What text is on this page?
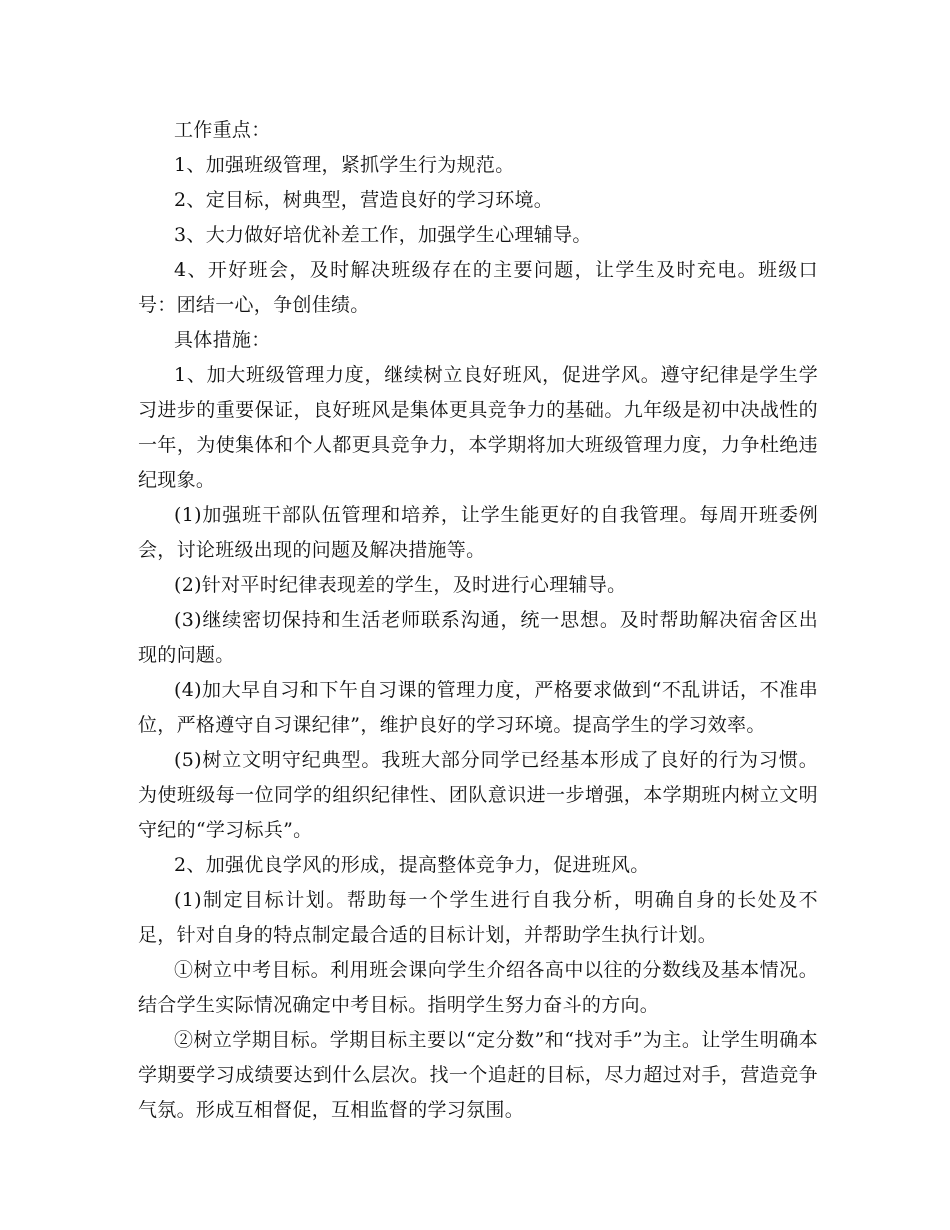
工作重点：

1、加强班级管理，紧抓学生行为规范。

2、定目标，树典型，营造良好的学习环境。

3、大力做好培优补差工作，加强学生心理辅导。

4、开好班会，及时解决班级存在的主要问题，让学生及时充电。班级口号：团结一心，争创佳绩。

具体措施：

1、加大班级管理力度，继续树立良好班风，促进学风。遵守纪律是学生学习进步的重要保证，良好班风是集体更具竞争力的基础。九年级是初中决战性的一年，为使集体和个人都更具竞争力，本学期将加大班级管理力度，力争杜绝违纪现象。

(1)加强班干部队伍管理和培养，让学生能更好的自我管理。每周开班委例会，讨论班级出现的问题及解决措施等。

(2)针对平时纪律表现差的学生，及时进行心理辅导。

(3)继续密切保持和生活老师联系沟通，统一思想。及时帮助解决宿舍区出现的问题。

(4)加大早自习和下午自习课的管理力度，严格要求做到“不乱讲话，不准串位，严格遵守自习课纪律”，维护良好的学习环境。提高学生的学习效率。

(5)树立文明守纪典型。我班大部分同学已经基本形成了良好的行为习惯。为使班级每一位同学的组织纪律性、团队意识进一步增强，本学期班内树立文明守纪的“学习标兵”。

2、加强优良学风的形成，提高整体竞争力，促进班风。

(1)制定目标计划。帮助每一个学生进行自我分析，明确自身的长处及不足，针对自身的特点制定最合适的目标计划，并帮助学生执行计划。

①树立中考目标。利用班会课向学生介绍各高中以往的分数线及基本情况。结合学生实际情况确定中考目标。指明学生努力奋斗的方向。

②树立学期目标。学期目标主要以“定分数”和“找对手”为主。让学生明确本学期要学习成绩要达到什么层次。找一个追赶的目标，尽力超过对手，营造竞争气氛。形成互相督促，互相监督的学习氛围。
